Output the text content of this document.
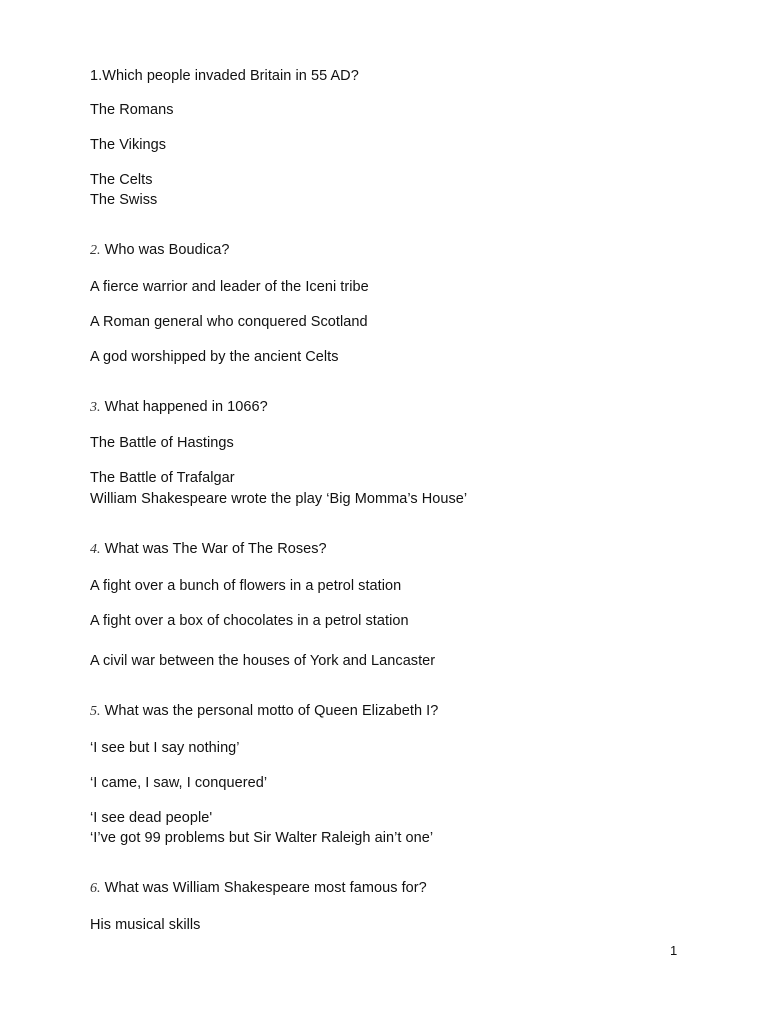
1.Which people invaded Britain in 55 AD?
The Romans
The Vikings
The Celts
The Swiss
2. Who was Boudica?
A fierce warrior and leader of the Iceni tribe
A Roman general who conquered Scotland
A god worshipped by the ancient Celts
3. What happened in 1066?
The Battle of Hastings
The Battle of Trafalgar
William Shakespeare wrote the play ‘Big Momma’s House’
4. What was The War of The Roses?
A fight over a bunch of flowers in a petrol station
A fight over a box of chocolates in a petrol station
A civil war between the houses of York and Lancaster
5. What was the personal motto of Queen Elizabeth I?
‘I see but I say nothing’
‘I came, I saw, I conquered’
‘I see dead people'
‘I’ve got 99 problems but Sir Walter Raleigh ain’t one’
6. What was William Shakespeare most famous for?
His musical skills
1
